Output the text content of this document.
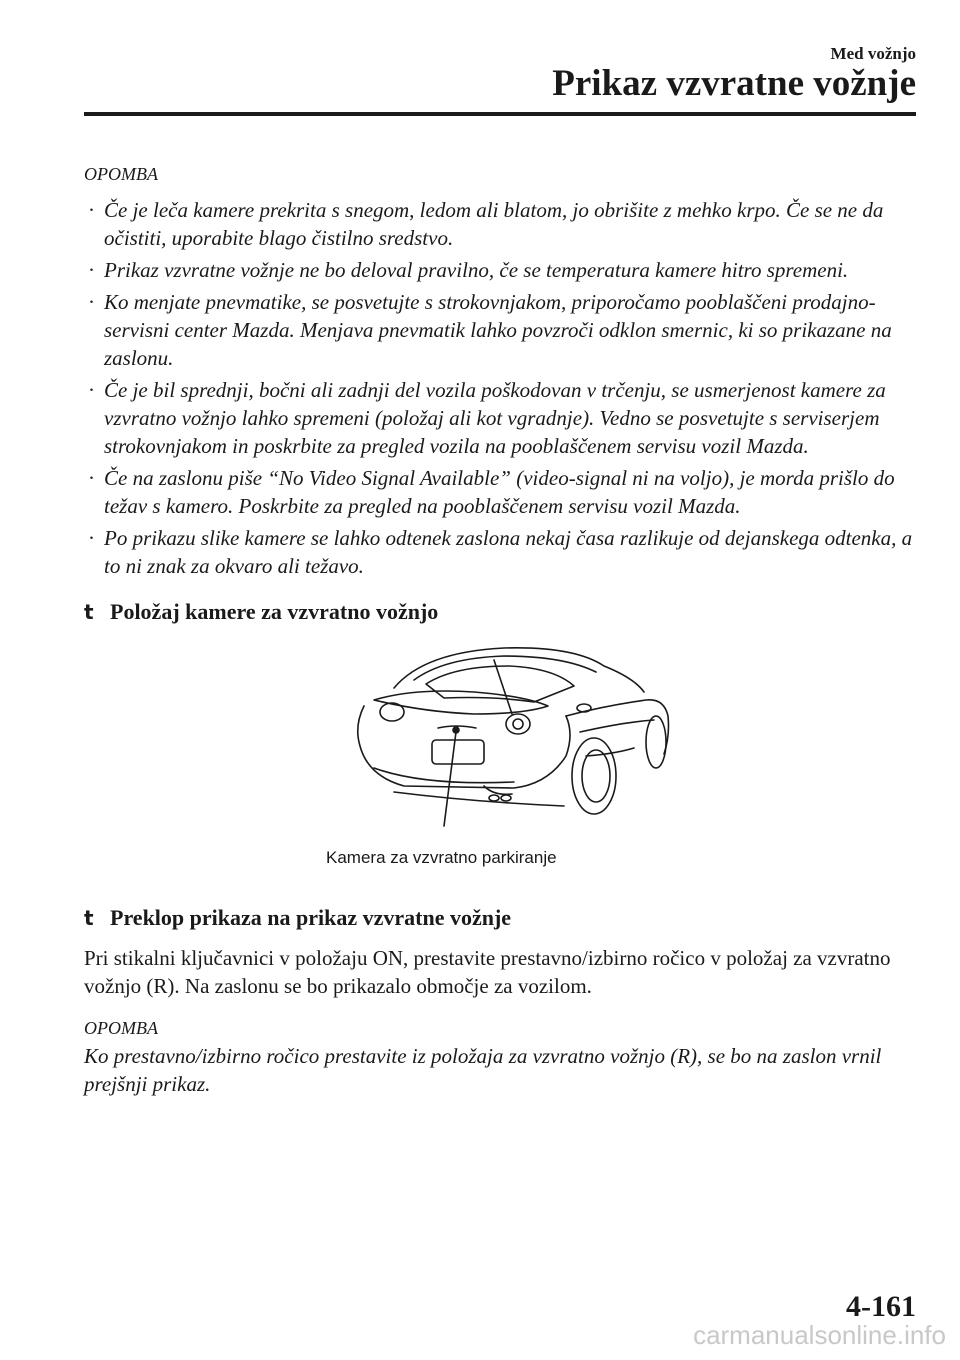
Med vožnjo
Prikaz vzvratne vožnje
OPOMBA
· Če je leča kamere prekrita s snegom, ledom ali blatom, jo obrišite z mehko krpo. Če se ne da očistiti, uporabite blago čistilno sredstvo.
· Prikaz vzvratne vožnje ne bo deloval pravilno, če se temperatura kamere hitro spremeni.
· Ko menjate pnevmatike, se posvetujte s strokovnjakom, priporočamo pooblaščeni prodajno-servisni center Mazda. Menjava pnevmatik lahko povzroči odklon smernic, ki so prikazane na zaslonu.
· Če je bil sprednji, bočni ali zadnji del vozila poškodovan v trčenju, se usmerjenost kamere za vzvratno vožnjo lahko spremeni (položaj ali kot vgradnje). Vedno se posvetujte s serviserjem strokovnjakom in poskrbite za pregled vozila na pooblaščenem servisu vozil Mazda.
· Če na zaslonu piše “No Video Signal Available” (video-signal ni na voljo), je morda prišlo do težav s kamero. Poskrbite za pregled na pooblaščenem servisu vozil Mazda.
· Po prikazu slike kamere se lahko odtenek zaslona nekaj časa razlikuje od dejanskega odtenka, a to ni znak za okvaro ali težavo.
t Položaj kamere za vzvratno vožnjo
Kamera za vzvratno parkiranje
t Preklop prikaza na prikaz vzvratne vožnje
Pri stikalni ključavnici v položaju ON, prestavite prestavno/izbirno ročico v položaj za vzvratno vožnjo (R). Na zaslonu se bo prikazalo območje za vozilom.
OPOMBA
Ko prestavno/izbirno ročico prestavite iz položaja za vzvratno vožnjo (R), se bo na zaslon vrnil prejšnji prikaz.
4-161
carmanualsonline.info
